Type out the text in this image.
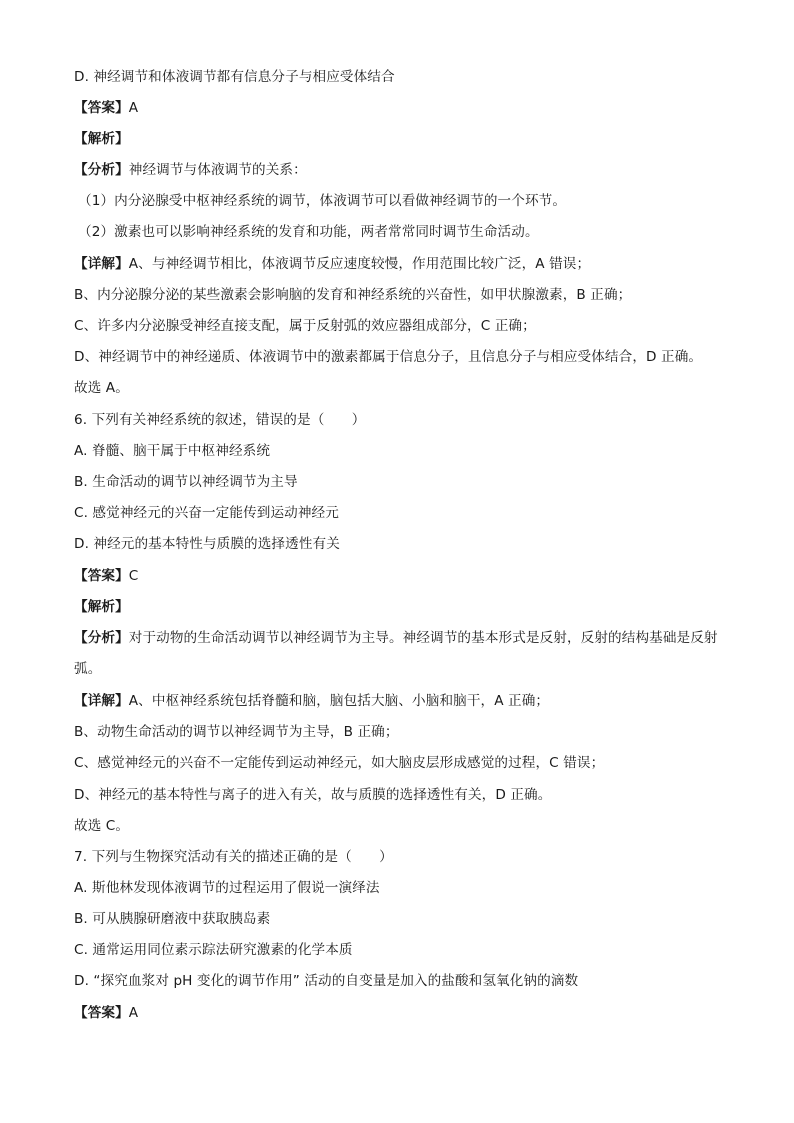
D. 神经调节和体液调节都有信息分子与相应受体结合
【答案】A
【解析】
【分析】神经调节与体液调节的关系：
（1）内分泌腺受中枢神经系统的调节，体液调节可以看做神经调节的一个环节。
（2）激素也可以影响神经系统的发育和功能，两者常常同时调节生命活动。
【详解】A、与神经调节相比，体液调节反应速度较慢，作用范围比较广泛，A 错误；
B、内分泌腺分泌的某些激素会影响脑的发育和神经系统的兴奋性，如甲状腺激素，B 正确；
C、许多内分泌腺受神经直接支配，属于反射弧的效应器组成部分，C 正确；
D、神经调节中的神经递质、体液调节中的激素都属于信息分子，且信息分子与相应受体结合，D 正确。
故选 A。
6. 下列有关神经系统的叙述，错误的是（　　）
A. 脊髓、脑干属于中枢神经系统
B. 生命活动的调节以神经调节为主导
C. 感觉神经元的兴奋一定能传到运动神经元
D. 神经元的基本特性与质膜的选择透性有关
【答案】C
【解析】
【分析】对于动物的生命活动调节以神经调节为主导。神经调节的基本形式是反射，反射的结构基础是反射弧。
【详解】A、中枢神经系统包括脊髓和脑，脑包括大脑、小脑和脑干，A 正确；
B、动物生命活动的调节以神经调节为主导，B 正确；
C、感觉神经元的兴奋不一定能传到运动神经元，如大脑皮层形成感觉的过程，C 错误；
D、神经元的基本特性与离子的进入有关，故与质膜的选择透性有关，D 正确。
故选 C。
7. 下列与生物探究活动有关的描述正确的是（　　）
A. 斯他林发现体液调节的过程运用了假说一演绎法
B. 可从胰腺研磨液中获取胰岛素
C. 通常运用同位素示踪法研究激素的化学本质
D. “探究血浆对 pH 变化的调节作用” 活动的自变量是加入的盐酸和氢氧化钠的滴数
【答案】A
